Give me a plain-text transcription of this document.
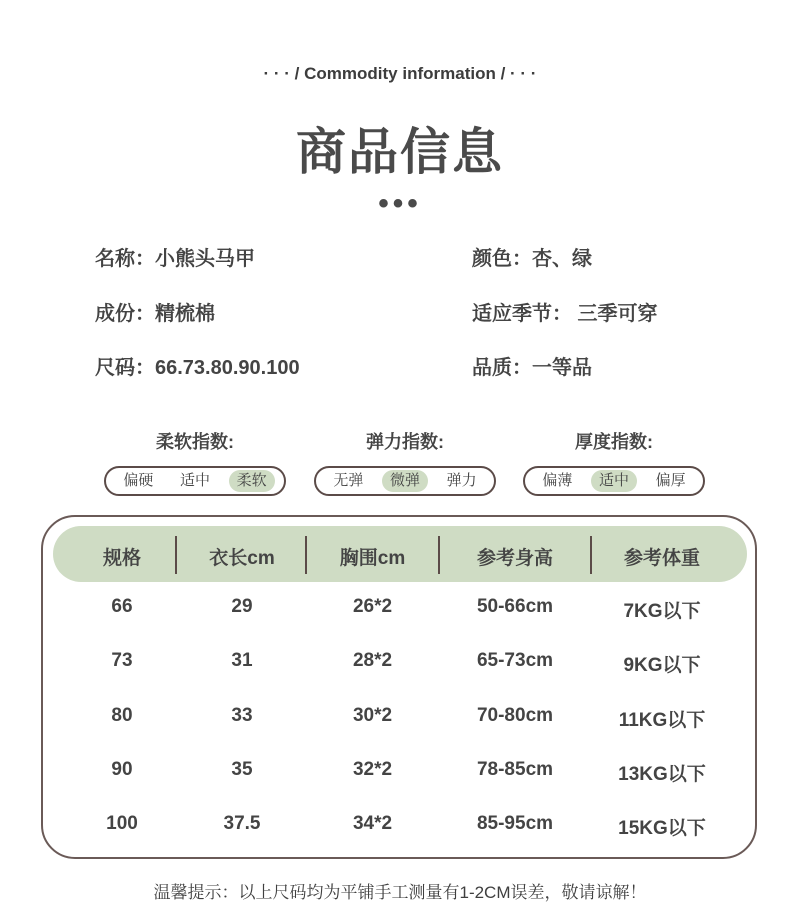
· · · / Commodity information / · · ·
商品信息
•••
名称：小熊头马甲
成份：精梳棉
尺码：66.73.80.90.100
颜色：杏、绿
适应季节： 三季可穿
品质：一等品
柔软指数:
偏硬	适中	柔软
弹力指数:
无弹	微弹	弹力
厚度指数:
偏薄	适中	偏厚
规格	衣长cm	胸围cm	参考身高	参考体重
66	29	26*2	50-66cm	7KG以下
73	31	28*2	65-73cm	9KG以下
80	33	30*2	70-80cm	11KG以下
90	35	32*2	78-85cm	13KG以下
100	37.5	34*2	85-95cm	15KG以下
温馨提示：以上尺码均为平铺手工测量有1-2CM误差，敬请谅解！
